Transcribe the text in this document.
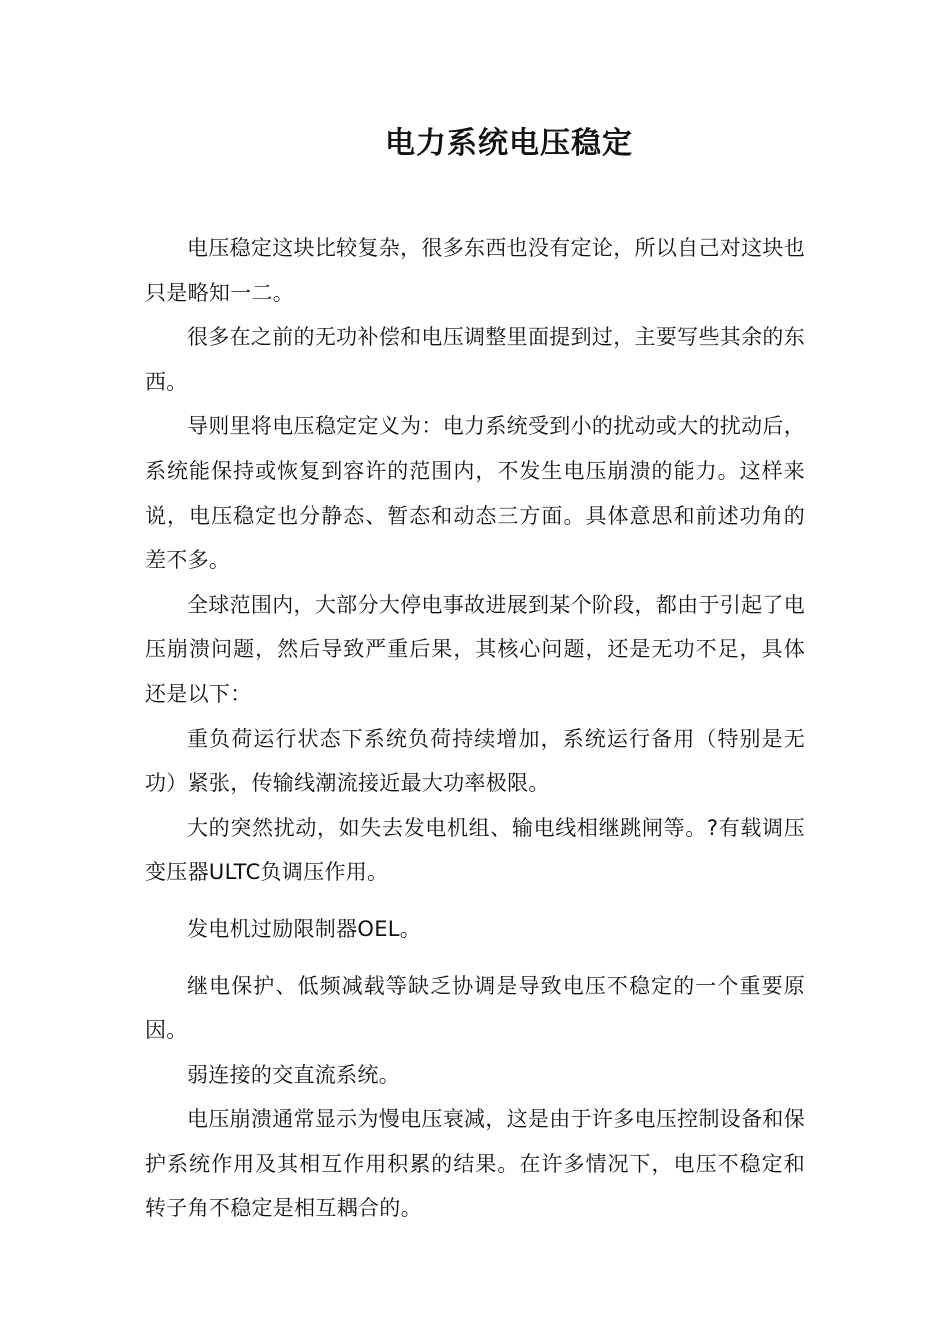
电力系统电压稳定

电压稳定这块比较复杂，很多东西也没有定论，所以自己对这块也只是略知一二。

很多在之前的无功补偿和电压调整里面提到过，主要写些其余的东西。

导则里将电压稳定定义为：电力系统受到小的扰动或大的扰动后，系统能保持或恢复到容许的范围内，不发生电压崩溃的能力。这样来说，电压稳定也分静态、暂态和动态三方面。具体意思和前述功角的差不多。

全球范围内，大部分大停电事故进展到某个阶段，都由于引起了电压崩溃问题，然后导致严重后果，其核心问题，还是无功不足，具体还是以下：

重负荷运行状态下系统负荷持续增加，系统运行备用（特别是无功）紧张，传输线潮流接近最大功率极限。

大的突然扰动，如失去发电机组、输电线相继跳闸等。?有载调压变压器ULTC负调压作用。

发电机过励限制器OEL。

继电保护、低频减载等缺乏协调是导致电压不稳定的一个重要原因。

弱连接的交直流系统。

电压崩溃通常显示为慢电压衰减，这是由于许多电压控制设备和保护系统作用及其相互作用积累的结果。在许多情况下，电压不稳定和转子角不稳定是相互耦合的。
